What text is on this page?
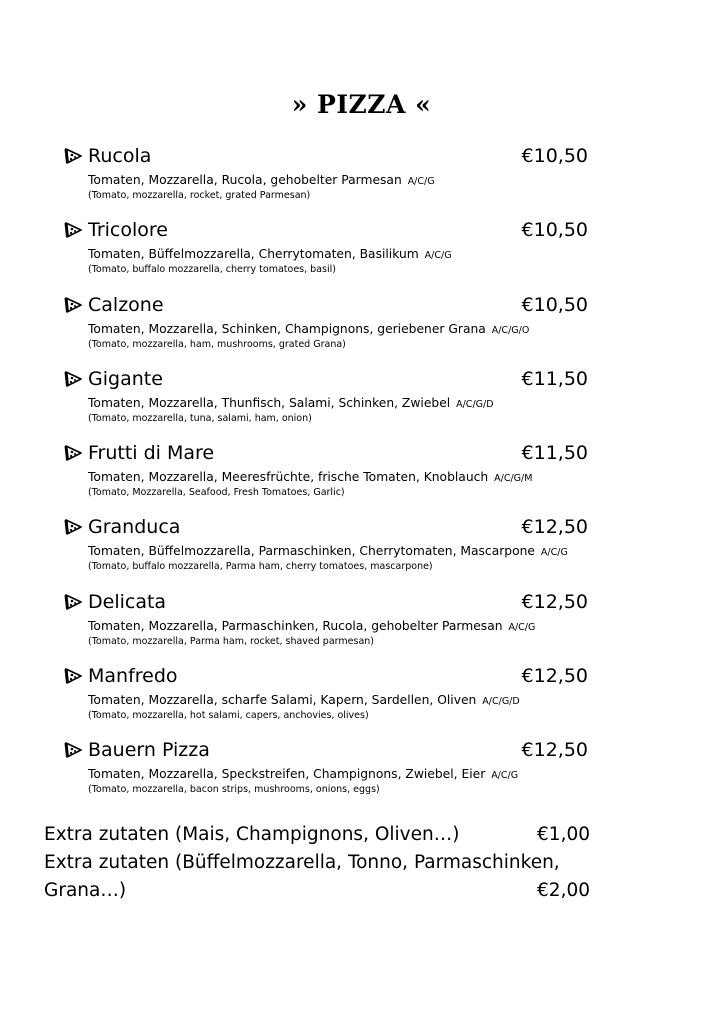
» PIZZA «
Rucola	€10,50
Tomaten, Mozzarella, Rucola, gehobelter Parmesan A/C/G
(Tomato, mozzarella, rocket, grated Parmesan)
Tricolore	€10,50
Tomaten, Büffelmozzarella, Cherrytomaten, Basilikum A/C/G
(Tomato, buffalo mozzarella, cherry tomatoes, basil)
Calzone	€10,50
Tomaten, Mozzarella, Schinken, Champignons, geriebener Grana A/C/G/O
(Tomato, mozzarella, ham, mushrooms, grated Grana)
Gigante	€11,50
Tomaten, Mozzarella, Thunfisch, Salami, Schinken, Zwiebel A/C/G/D
(Tomato, mozzarella, tuna, salami, ham, onion)
Frutti di Mare	€11,50
Tomaten, Mozzarella, Meeresfrüchte, frische Tomaten, Knoblauch A/C/G/M
(Tomato, Mozzarella, Seafood, Fresh Tomatoes, Garlic)
Granduca	€12,50
Tomaten, Büffelmozzarella, Parmaschinken, Cherrytomaten, Mascarpone A/C/G
(Tomato, buffalo mozzarella, Parma ham, cherry tomatoes, mascarpone)
Delicata	€12,50
Tomaten, Mozzarella, Parmaschinken, Rucola, gehobelter Parmesan A/C/G
(Tomato, mozzarella, Parma ham, rocket, shaved parmesan)
Manfredo	€12,50
Tomaten, Mozzarella, scharfe Salami, Kapern, Sardellen, Oliven A/C/G/D
(Tomato, mozzarella, hot salami, capers, anchovies, olives)
Bauern Pizza	€12,50
Tomaten, Mozzarella, Speckstreifen, Champignons, Zwiebel, Eier A/C/G
(Tomato, mozzarella, bacon strips, mushrooms, onions, eggs)
Extra zutaten (Mais, Champignons, Oliven…)	€1,00
Extra zutaten (Büffelmozzarella, Tonno, Parmaschinken,
Grana…)	€2,00
